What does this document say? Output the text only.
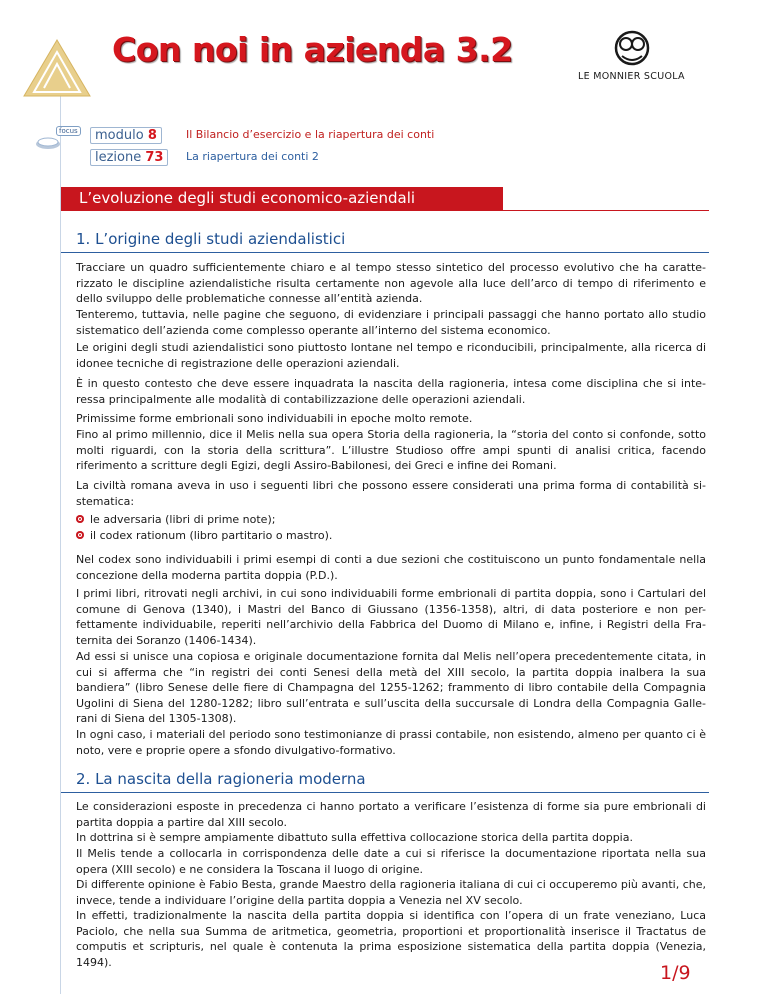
Con noi in azienda 3.2
LE MONNIER SCUOLA
focus	modulo 8	Il Bilancio d’esercizio e la riapertura dei conti
lezione 73 La riapertura dei conti 2
L’evoluzione degli studi economico-aziendali
1. L’origine degli studi aziendalistici

Tracciare un quadro sufficientemente chiaro e al tempo stesso sintetico del processo evolutivo che ha caratte-rizzato le discipline aziendalistiche risulta certamente non agevole alla luce dell’arco di tempo di riferimento e dello sviluppo delle problematiche connesse all’entità azienda.

Tenteremo, tuttavia, nelle pagine che seguono, di evidenziare i principali passaggi che hanno portato allo studio sistematico dell’azienda come complesso operante all’interno del sistema economico.

Le origini degli studi aziendalistici sono piuttosto lontane nel tempo e riconducibili, principalmente, alla ricerca di idonee tecniche di registrazione delle operazioni aziendali.

È in questo contesto che deve essere inquadrata la nascita della ragioneria, intesa come disciplina che si inte-ressa principalmente alle modalità di contabilizzazione delle operazioni aziendali.

Primissime forme embrionali sono individuabili in epoche molto remote.

Fino al primo millennio, dice il Melis nella sua opera Storia della ragioneria, la “storia del conto si confonde, sotto molti riguardi, con la storia della scrittura”. L’illustre Studioso offre ampi spunti di analisi critica, facendo riferimento a scritture degli Egizi, degli Assiro-Babilonesi, dei Greci e infine dei Romani.

La civiltà romana aveva in uso i seguenti libri che possono essere considerati una prima forma di contabilità si-stematica:

le adversaria (libri di prime note);
il codex rationum (libro partitario o mastro).

Nel codex sono individuabili i primi esempi di conti a due sezioni che costituiscono un punto fondamentale nella concezione della moderna partita doppia (P.D.).

I primi libri, ritrovati negli archivi, in cui sono individuabili forme embrionali di partita doppia, sono i Cartulari del comune di Genova (1340), i Mastri del Banco di Giussano (1356-1358), altri, di data posteriore e non per-fettamente individuabile, reperiti nell’archivio della Fabbrica del Duomo di Milano e, infine, i Registri della Fra-ternita dei Soranzo (1406-1434).

Ad essi si unisce una copiosa e originale documentazione fornita dal Melis nell’opera precedentemente citata, in cui si afferma che “in registri dei conti Senesi della metà del XIII secolo, la partita doppia inalbera la sua bandiera” (libro Senese delle fiere di Champagna del 1255-1262; frammento di libro contabile della Compagnia Ugolini di Siena del 1280-1282; libro sull’entrata e sull’uscita della succursale di Londra della Compagnia Galle-rani di Siena del 1305-1308).

In ogni caso, i materiali del periodo sono testimonianze di prassi contabile, non esistendo, almeno per quanto ci è noto, vere e proprie opere a sfondo divulgativo-formativo.

2. La nascita della ragioneria moderna

Le considerazioni esposte in precedenza ci hanno portato a verificare l’esistenza di forme sia pure embrionali di partita doppia a partire dal XIII secolo.

In dottrina si è sempre ampiamente dibattuto sulla effettiva collocazione storica della partita doppia.

Il Melis tende a collocarla in corrispondenza delle date a cui si riferisce la documentazione riportata nella sua opera (XIII secolo) e ne considera la Toscana il luogo di origine.

Di differente opinione è Fabio Besta, grande Maestro della ragioneria italiana di cui ci occuperemo più avanti, che, invece, tende a individuare l’origine della partita doppia a Venezia nel XV secolo.

In effetti, tradizionalmente la nascita della partita doppia si identifica con l’opera di un frate veneziano, Luca Paciolo, che nella sua Summa de aritmetica, geometria, proportioni et proportionalità inserisce il Tractatus de computis et scripturis, nel quale è contenuta la prima esposizione sistematica della partita doppia (Venezia, 1494).	1/9
